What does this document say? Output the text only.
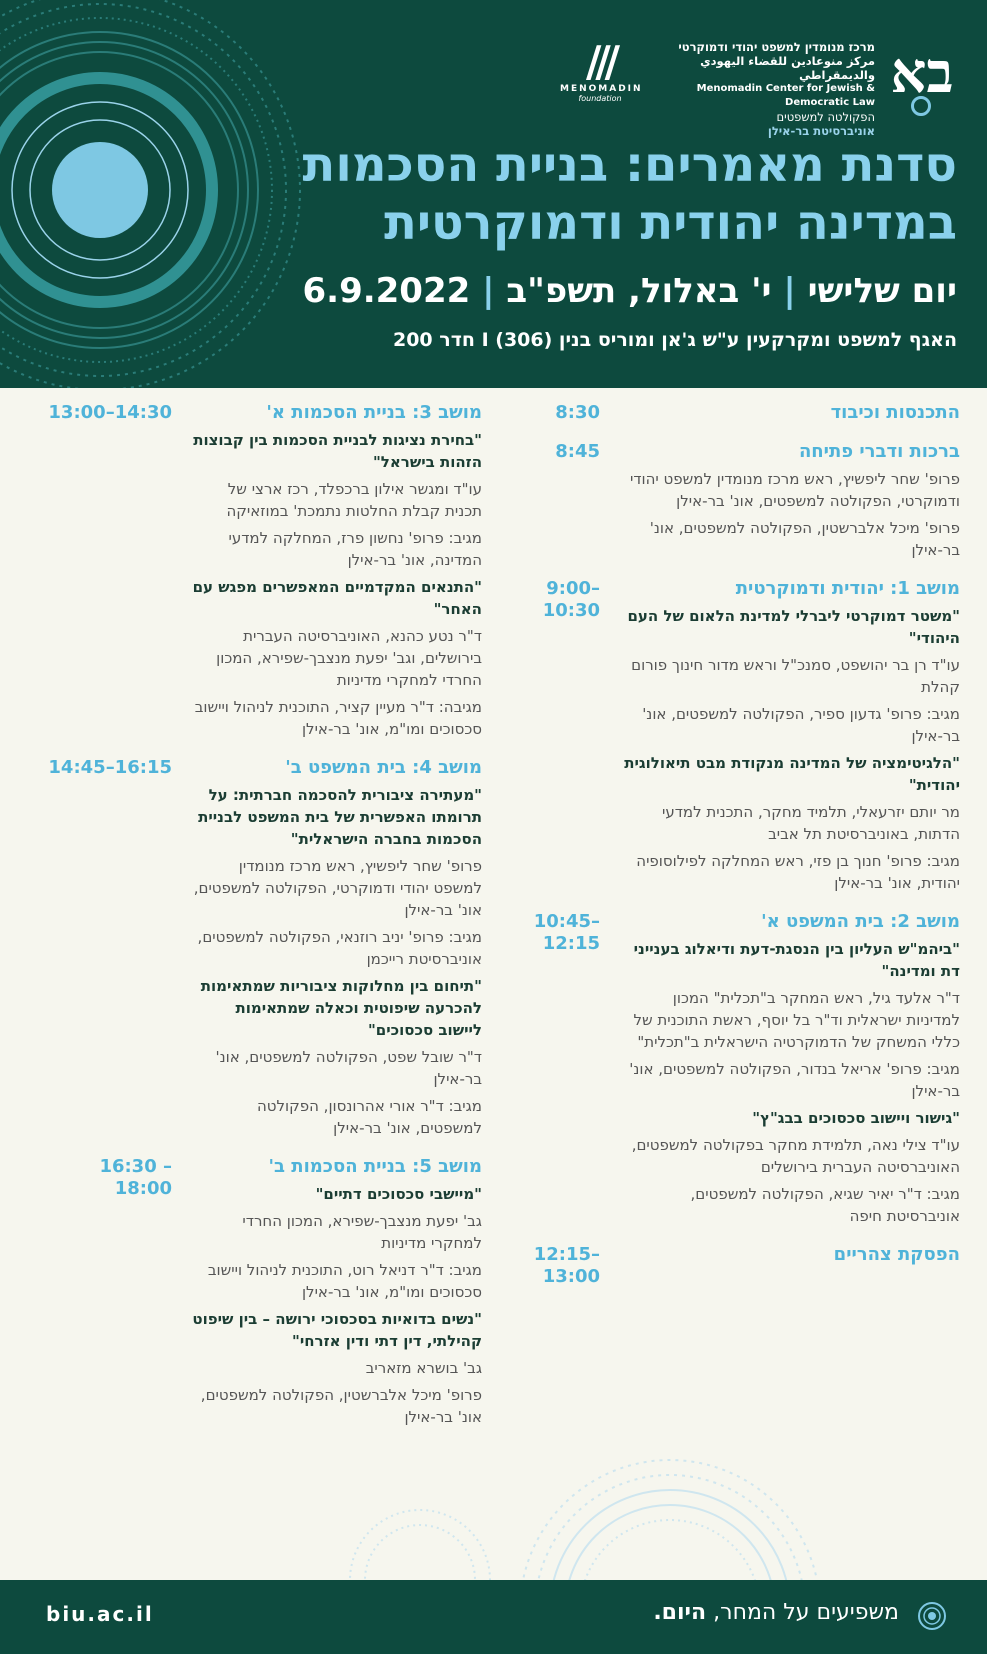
בא
מרכז מנומדין למשפט יהודי ודמוקרטי
مركز منوعادين للقضاء اليهودي والديمقراطي
Menomadin Center for Jewish & Democratic Law
הפקולטה למשפטים
אוניברסיטת בר-אילן
///
MENOMADIN
foundation
סדנת מאמרים: בניית הסכמות
במדינה יהודית ודמוקרטית
יום שלישי | י' באלול, תשפ"ב | 6.9.2022
האגף למשפט ומקרקעין ע"ש ג'אן ומוריס בנין (306) I חדר 200
התכנסות וכיבוד
8:30
ברכות ודברי פתיחה
פרופ' שחר ליפשיץ, ראש מרכז מנומדין למשפט יהודי ודמוקרטי, הפקולטה למשפטים, אונ' בר-אילן
פרופ' מיכל אלברשטין, הפקולטה למשפטים, אונ' בר-אילן
8:45
מושב 1: יהודית ודמוקרטית
"משטר דמוקרטי ליברלי למדינת הלאום של העם היהודי"
עו"ד רן בר יהושפט, סמנכ"ל וראש מדור חינוך פורום קהלת
מגיב: פרופ' גדעון ספיר, הפקולטה למשפטים, אונ' בר-אילן
"הלגיטימציה של המדינה מנקודת מבט תיאולוגית יהודית"
מר יותם יזרעאלי, תלמיד מחקר, התכנית למדעי הדתות, באוניברסיטת תל אביב
מגיב: פרופ' חנוך בן פזי, ראש המחלקה לפילוסופיה יהודית, אונ' בר-אילן
9:00–10:30
מושב 2: בית המשפט א'
"ביהמ"ש העליון בין הנסגת-דעת ודיאלוג בענייני דת ומדינה"
ד"ר אלעד גיל, ראש המחקר ב"תכלית" המכון למדיניות ישראלית וד"ר בל יוסף, ראשת התוכנית של כללי המשחק של הדמוקרטיה הישראלית ב"תכלית"
מגיב: פרופ' אריאל בנדור, הפקולטה למשפטים, אונ' בר-אילן
"גישור ויישוב סכסוכים בבג"ץ"
עו"ד צילי נאה, תלמידת מחקר בפקולטה למשפטים, האוניברסיטה העברית בירושלים
מגיב: ד"ר יאיר שגיא, הפקולטה למשפטים, אוניברסיטת חיפה
10:45–12:15
הפסקת צהריים
12:15–13:00
מושב 3: בניית הסכמות א'
"בחירת נציגות לבניית הסכמות בין קבוצות הזהות בישראל"
עו"ד ומגשר אילון ברכפלד, רכז ארצי של תכנית קבלת החלטות נתמכת' במוזאיקה
מגיב: פרופ' נחשון פרז, המחלקה למדעי המדינה, אונ' בר-אילן
"התנאים המקדמיים המאפשרים מפגש עם האחר"
ד"ר נטע כהנא, האוניברסיטה העברית בירושלים, וגב' יפעת מנצבך-שפירא, המכון החרדי למחקרי מדיניות
מגיבה: ד"ר מעיין קציר, התוכנית לניהול ויישוב סכסוכים ומו"מ, אונ' בר-אילן
13:00–14:30
מושב 4: בית המשפט ב'
"מעתירה ציבורית להסכמה חברתית: על תרומתו האפשרית של בית המשפט לבניית הסכמות בחברה הישראלית"
פרופ' שחר ליפשיץ, ראש מרכז מנומדין למשפט יהודי ודמוקרטי, הפקולטה למשפטים, אונ' בר-אילן
מגיב: פרופ' יניב רוזנאי, הפקולטה למשפטים, אוניברסיטת רייכמן
"תיחום בין מחלוקות ציבוריות שמתאימות להכרעה שיפוטית וכאלה שמתאימות ליישוב סכסוכים"
ד"ר שובל שפט, הפקולטה למשפטים, אונ' בר-אילן
מגיב: ד"ר אורי אהרונסון, הפקולטה למשפטים, אונ' בר-אילן
14:45–16:15
מושב 5: בניית הסכמות ב'
"מיישבי סכסוכים דתיים"
גב' יפעת מנצבך-שפירא, המכון החרדי למחקרי מדיניות
מגיב: ד"ר דניאל רוט, התוכנית לניהול ויישוב סכסוכים ומו"מ, אונ' בר-אילן
"נשים בדואיות בסכסוכי ירושה – בין שיפוט קהילתי, דין דתי ודין אזרחי"
גב' בושרא מזאריב
פרופ' מיכל אלברשטין, הפקולטה למשפטים, אונ' בר-אילן
16:30 – 18:00
biu.ac.il	משפיעים על המחר, היום.
